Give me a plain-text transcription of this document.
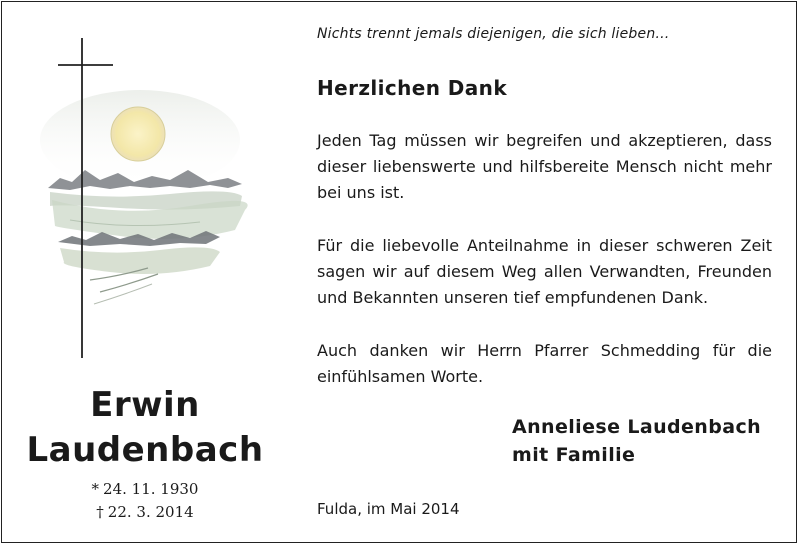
Erwin
Laudenbach
* 24. 11. 1930
† 22. 3. 2014
Nichts trennt jemals diejenigen, die sich lieben…
Herzlichen Dank

Jeden Tag müssen wir begreifen und akzeptieren, dass dieser liebenswerte und hilfsbereite Mensch nicht mehr bei uns ist.

Für die liebevolle Anteilnahme in dieser schweren Zeit sagen wir auf diesem Weg allen Verwandten, Freunden und Bekannten unseren tief empfundenen Dank.

Auch danken wir Herrn Pfarrer Schmedding für die einfühlsamen Worte.

Anneliese Laudenbach
mit Familie
Fulda, im Mai 2014
